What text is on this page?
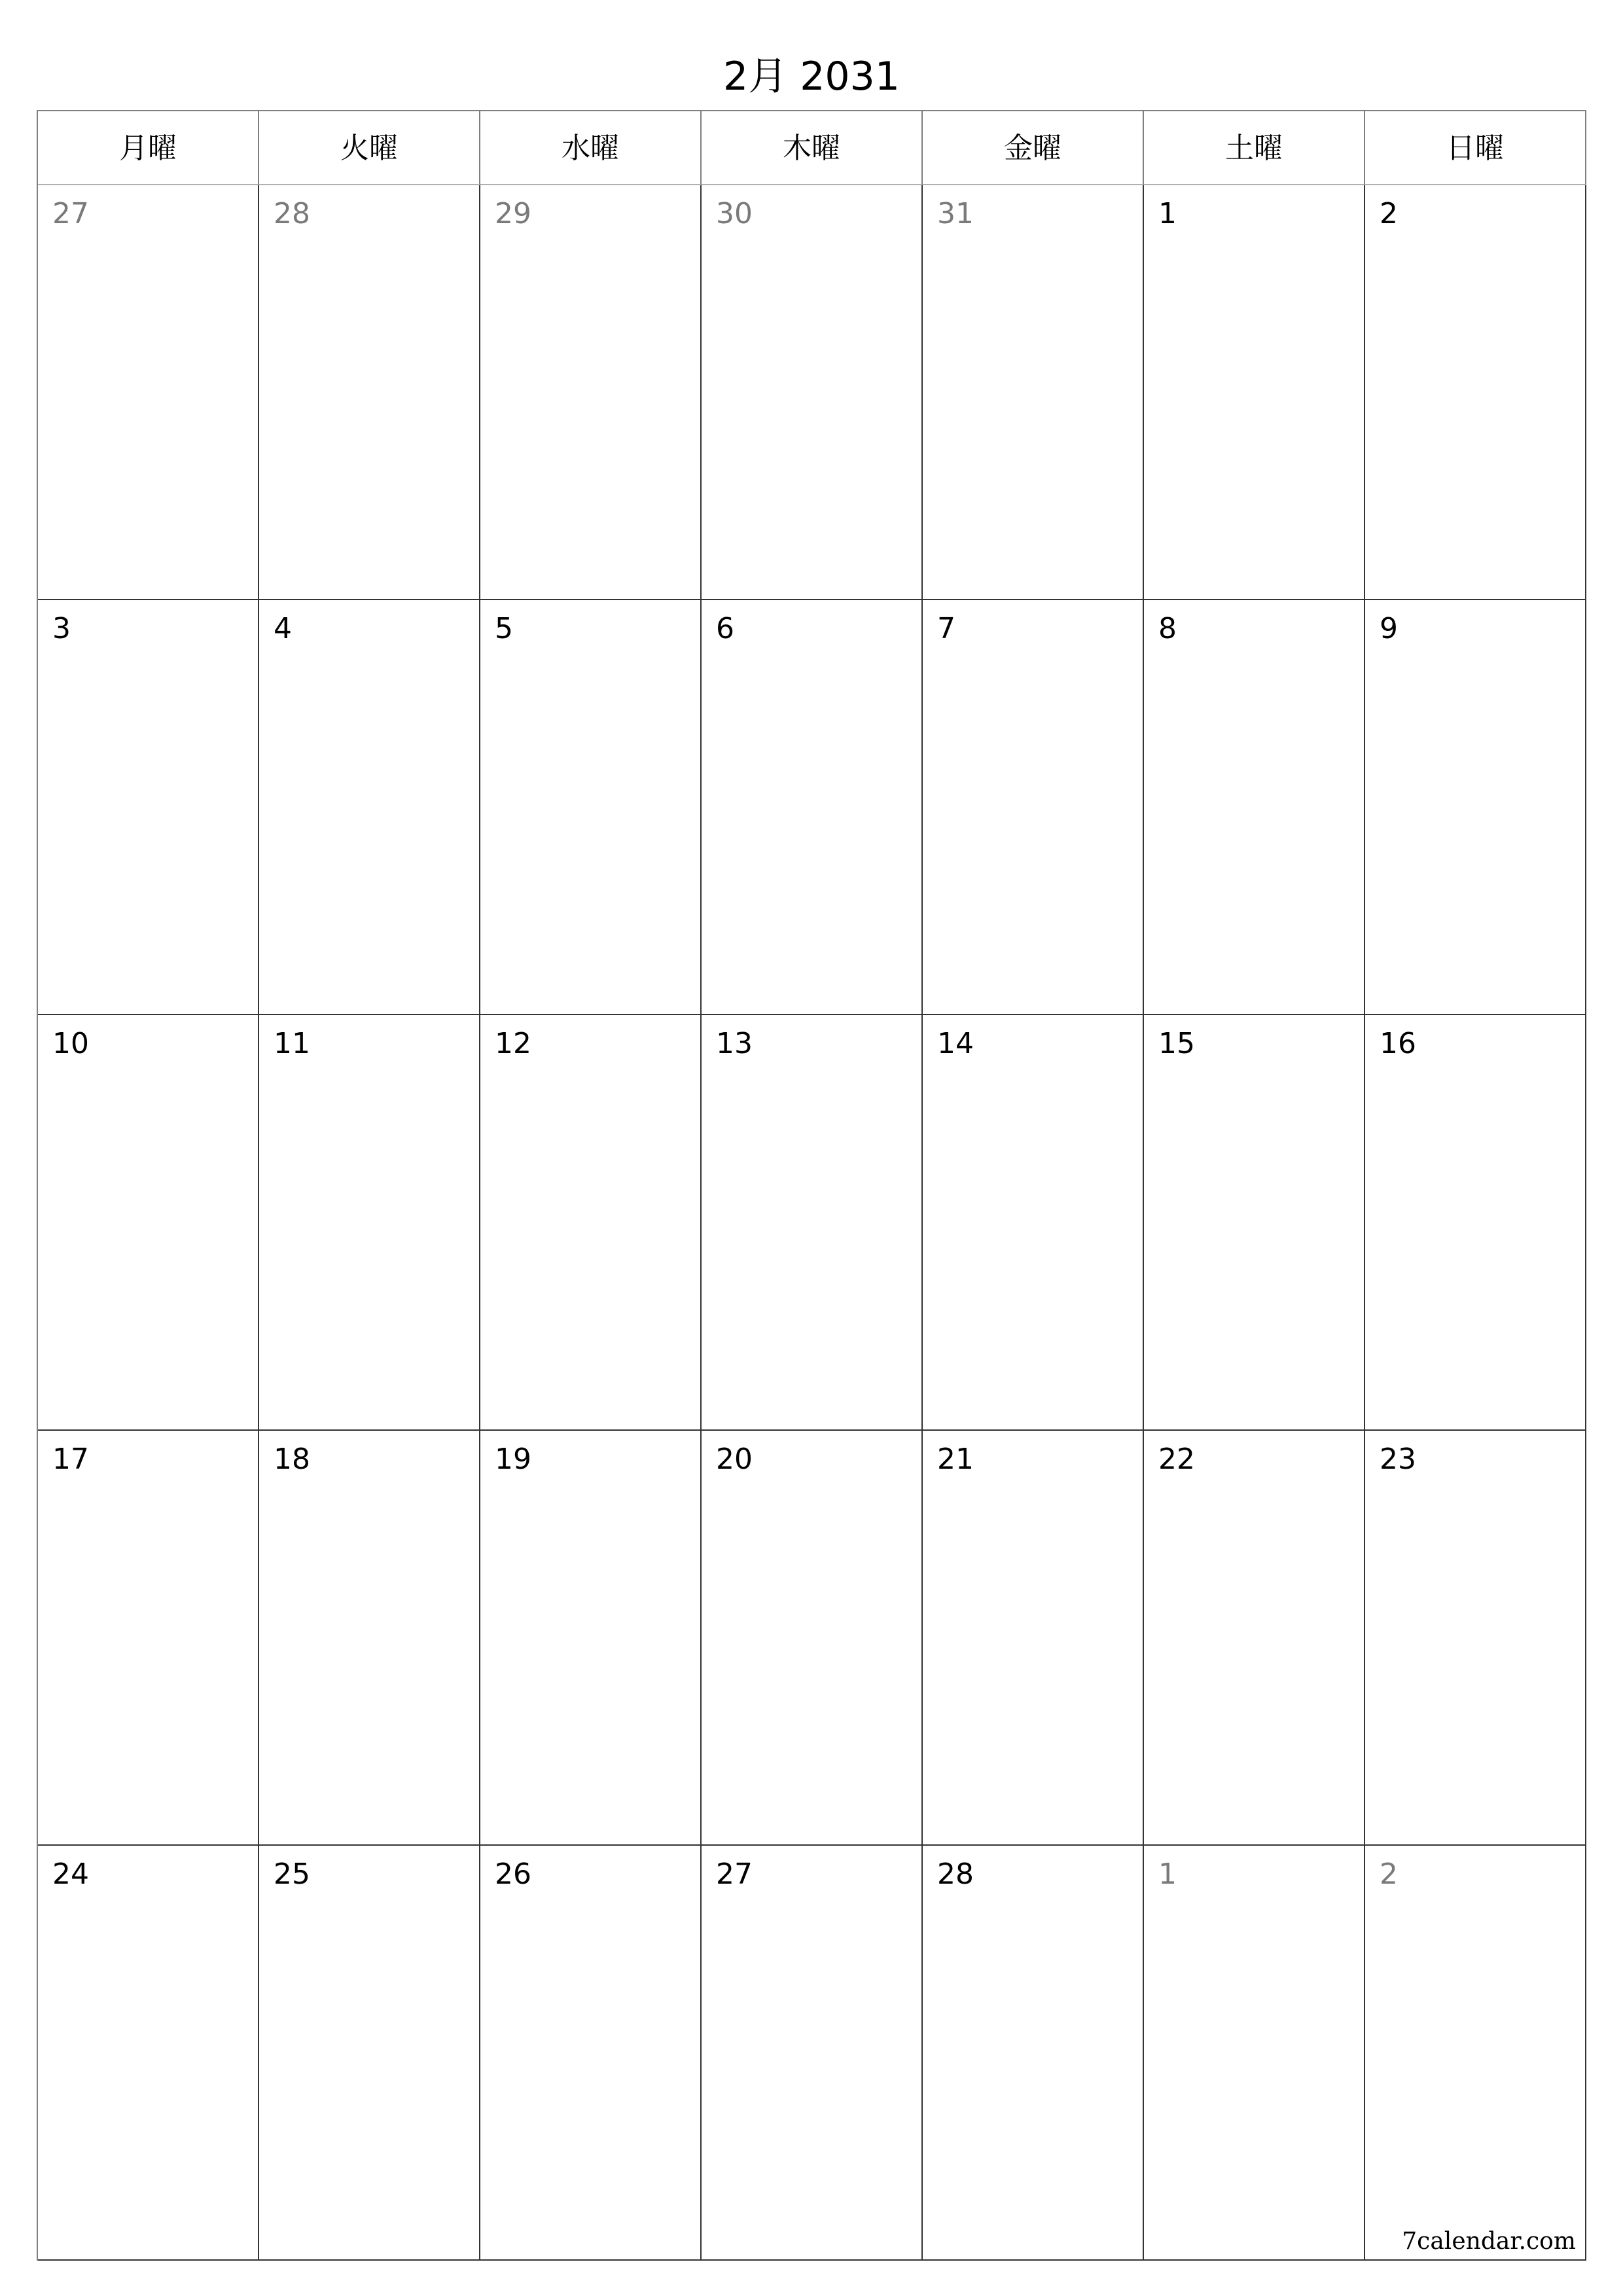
2月 2031
月曜	火曜	水曜	木曜	金曜	土曜	日曜
27	28	29	30	31	1	2
3	4	5	6	7	8	9
10	11	12	13	14	15	16
17	18	19	20	21	22	23
24	25	26	27	28	1	2
7calendar.com
